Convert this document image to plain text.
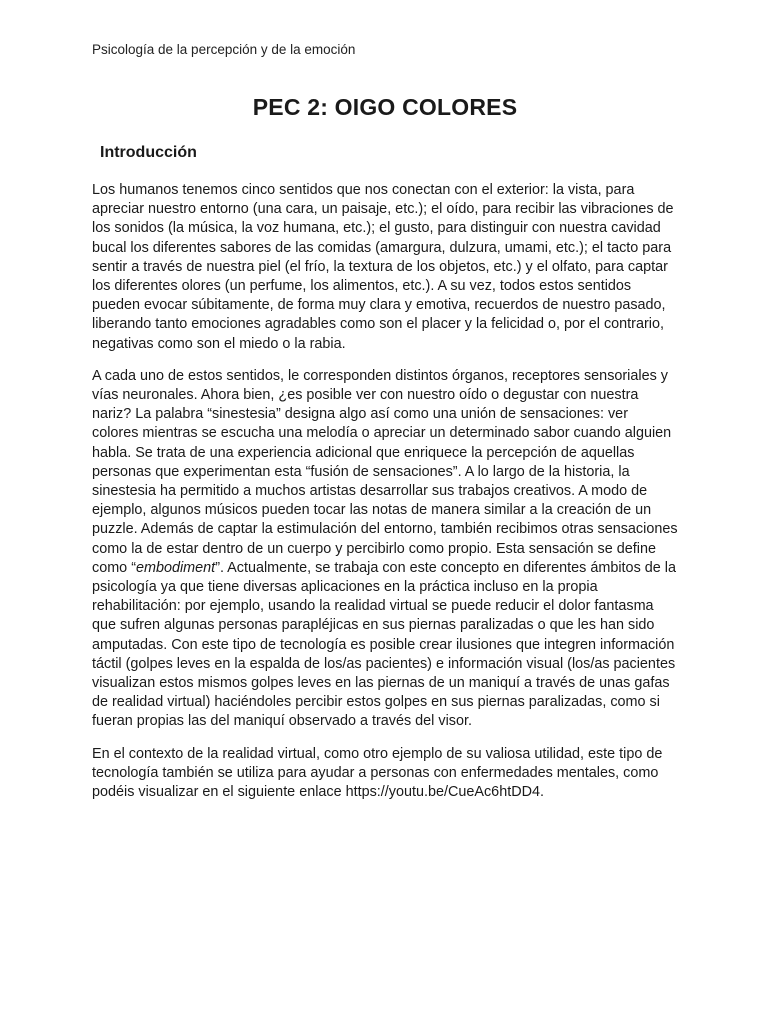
Psicología de la percepción y de la emoción

PEC 2: OIGO COLORES
Introducción

Los humanos tenemos cinco sentidos que nos conectan con el exterior: la vista, para apreciar nuestro entorno (una cara, un paisaje, etc.); el oído, para recibir las vibraciones de los sonidos (la música, la voz humana, etc.); el gusto, para distinguir con nuestra cavidad bucal los diferentes sabores de las comidas (amargura, dulzura, umami, etc.); el tacto para sentir a través de nuestra piel (el frío, la textura de los objetos, etc.) y el olfato, para captar los diferentes olores (un perfume, los alimentos, etc.). A su vez, todos estos sentidos pueden evocar súbitamente, de forma muy clara y emotiva, recuerdos de nuestro pasado, liberando tanto emociones agradables como son el placer y la felicidad o, por el contrario, negativas como son el miedo o la rabia.

A cada uno de estos sentidos, le corresponden distintos órganos, receptores sensoriales y vías neuronales. Ahora bien, ¿es posible ver con nuestro oído o degustar con nuestra nariz? La palabra “sinestesia” designa algo así como una unión de sensaciones: ver colores mientras se escucha una melodía o apreciar un determinado sabor cuando alguien habla. Se trata de una experiencia adicional que enriquece la percepción de aquellas personas que experimentan esta “fusión de sensaciones”. A lo largo de la historia, la sinestesia ha permitido a muchos artistas desarrollar sus trabajos creativos. A modo de ejemplo, algunos músicos pueden tocar las notas de manera similar a la creación de un puzzle. Además de captar la estimulación del entorno, también recibimos otras sensaciones como la de estar dentro de un cuerpo y percibirlo como propio. Esta sensación se define como “embodiment”. Actualmente, se trabaja con este concepto en diferentes ámbitos de la psicología ya que tiene diversas aplicaciones en la práctica incluso en la propia rehabilitación: por ejemplo, usando la realidad virtual se puede reducir el dolor fantasma que sufren algunas personas parapléjicas en sus piernas paralizadas o que les han sido amputadas. Con este tipo de tecnología es posible crear ilusiones que integren información táctil (golpes leves en la espalda de los/as pacientes) e información visual (los/as pacientes visualizan estos mismos golpes leves en las piernas de un maniquí a través de unas gafas de realidad virtual) haciéndoles percibir estos golpes en sus piernas paralizadas, como si fueran propias las del maniquí observado a través del visor.

En el contexto de la realidad virtual, como otro ejemplo de su valiosa utilidad, este tipo de tecnología también se utiliza para ayudar a personas con enfermedades mentales, como podéis visualizar en el siguiente enlace https://youtu.be/CueAc6htDD4.
